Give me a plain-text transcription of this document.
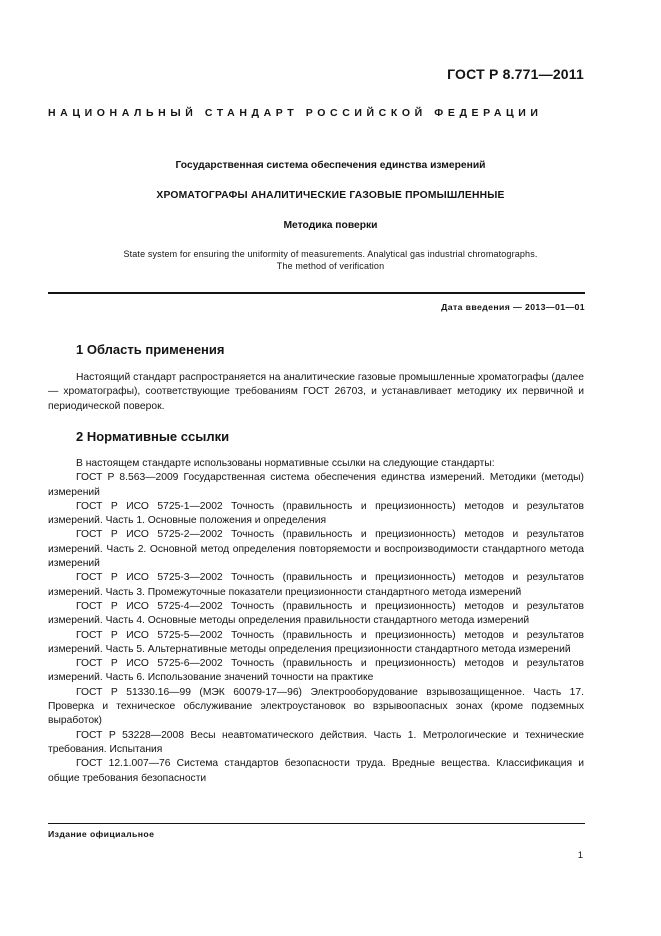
ГОСТ Р 8.771—2011
НАЦИОНАЛЬНЫЙ СТАНДАРТ РОССИЙСКОЙ ФЕДЕРАЦИИ
Государственная система обеспечения единства измерений
ХРОМАТОГРАФЫ АНАЛИТИЧЕСКИЕ ГАЗОВЫЕ ПРОМЫШЛЕННЫЕ
Методика поверки
State system for ensuring the uniformity of measurements. Analytical gas industrial chromatographs.
The method of verification
Дата введения — 2013—01—01
1 Область применения

Настоящий стандарт распространяется на аналитические газовые промышленные хроматографы (далее — хроматографы), соответствующие требованиям ГОСТ 26703, и устанавливает методику их первичной и периодической поверок.

2 Нормативные ссылки

В настоящем стандарте использованы нормативные ссылки на следующие стандарты:

ГОСТ Р 8.563—2009 Государственная система обеспечения единства измерений. Методики (методы) измерений

ГОСТ Р ИСО 5725-1—2002 Точность (правильность и прецизионность) методов и результатов измерений. Часть 1. Основные положения и определения

ГОСТ Р ИСО 5725-2—2002 Точность (правильность и прецизионность) методов и результатов измерений. Часть 2. Основной метод определения повторяемости и воспроизводимости стандартного метода измерений

ГОСТ Р ИСО 5725-3—2002 Точность (правильность и прецизионность) методов и результатов измерений. Часть 3. Промежуточные показатели прецизионности стандартного метода измерений

ГОСТ Р ИСО 5725-4—2002 Точность (правильность и прецизионность) методов и результатов измерений. Часть 4. Основные методы определения правильности стандартного метода измерений

ГОСТ Р ИСО 5725-5—2002 Точность (правильность и прецизионность) методов и результатов измерений. Часть 5. Альтернативные методы определения прецизионности стандартного метода измерений

ГОСТ Р ИСО 5725-6—2002 Точность (правильность и прецизионность) методов и результатов измерений. Часть 6. Использование значений точности на практике

ГОСТ Р 51330.16—99 (МЭК 60079-17—96) Электрооборудование взрывозащищенное. Часть 17. Проверка и техническое обслуживание электроустановок во взрывоопасных зонах (кроме подземных выработок)

ГОСТ Р 53228—2008 Весы неавтоматического действия. Часть 1. Метрологические и технические требования. Испытания

ГОСТ 12.1.007—76 Система стандартов безопасности труда. Вредные вещества. Классификация и общие требования безопасности

Издание официальное
1
